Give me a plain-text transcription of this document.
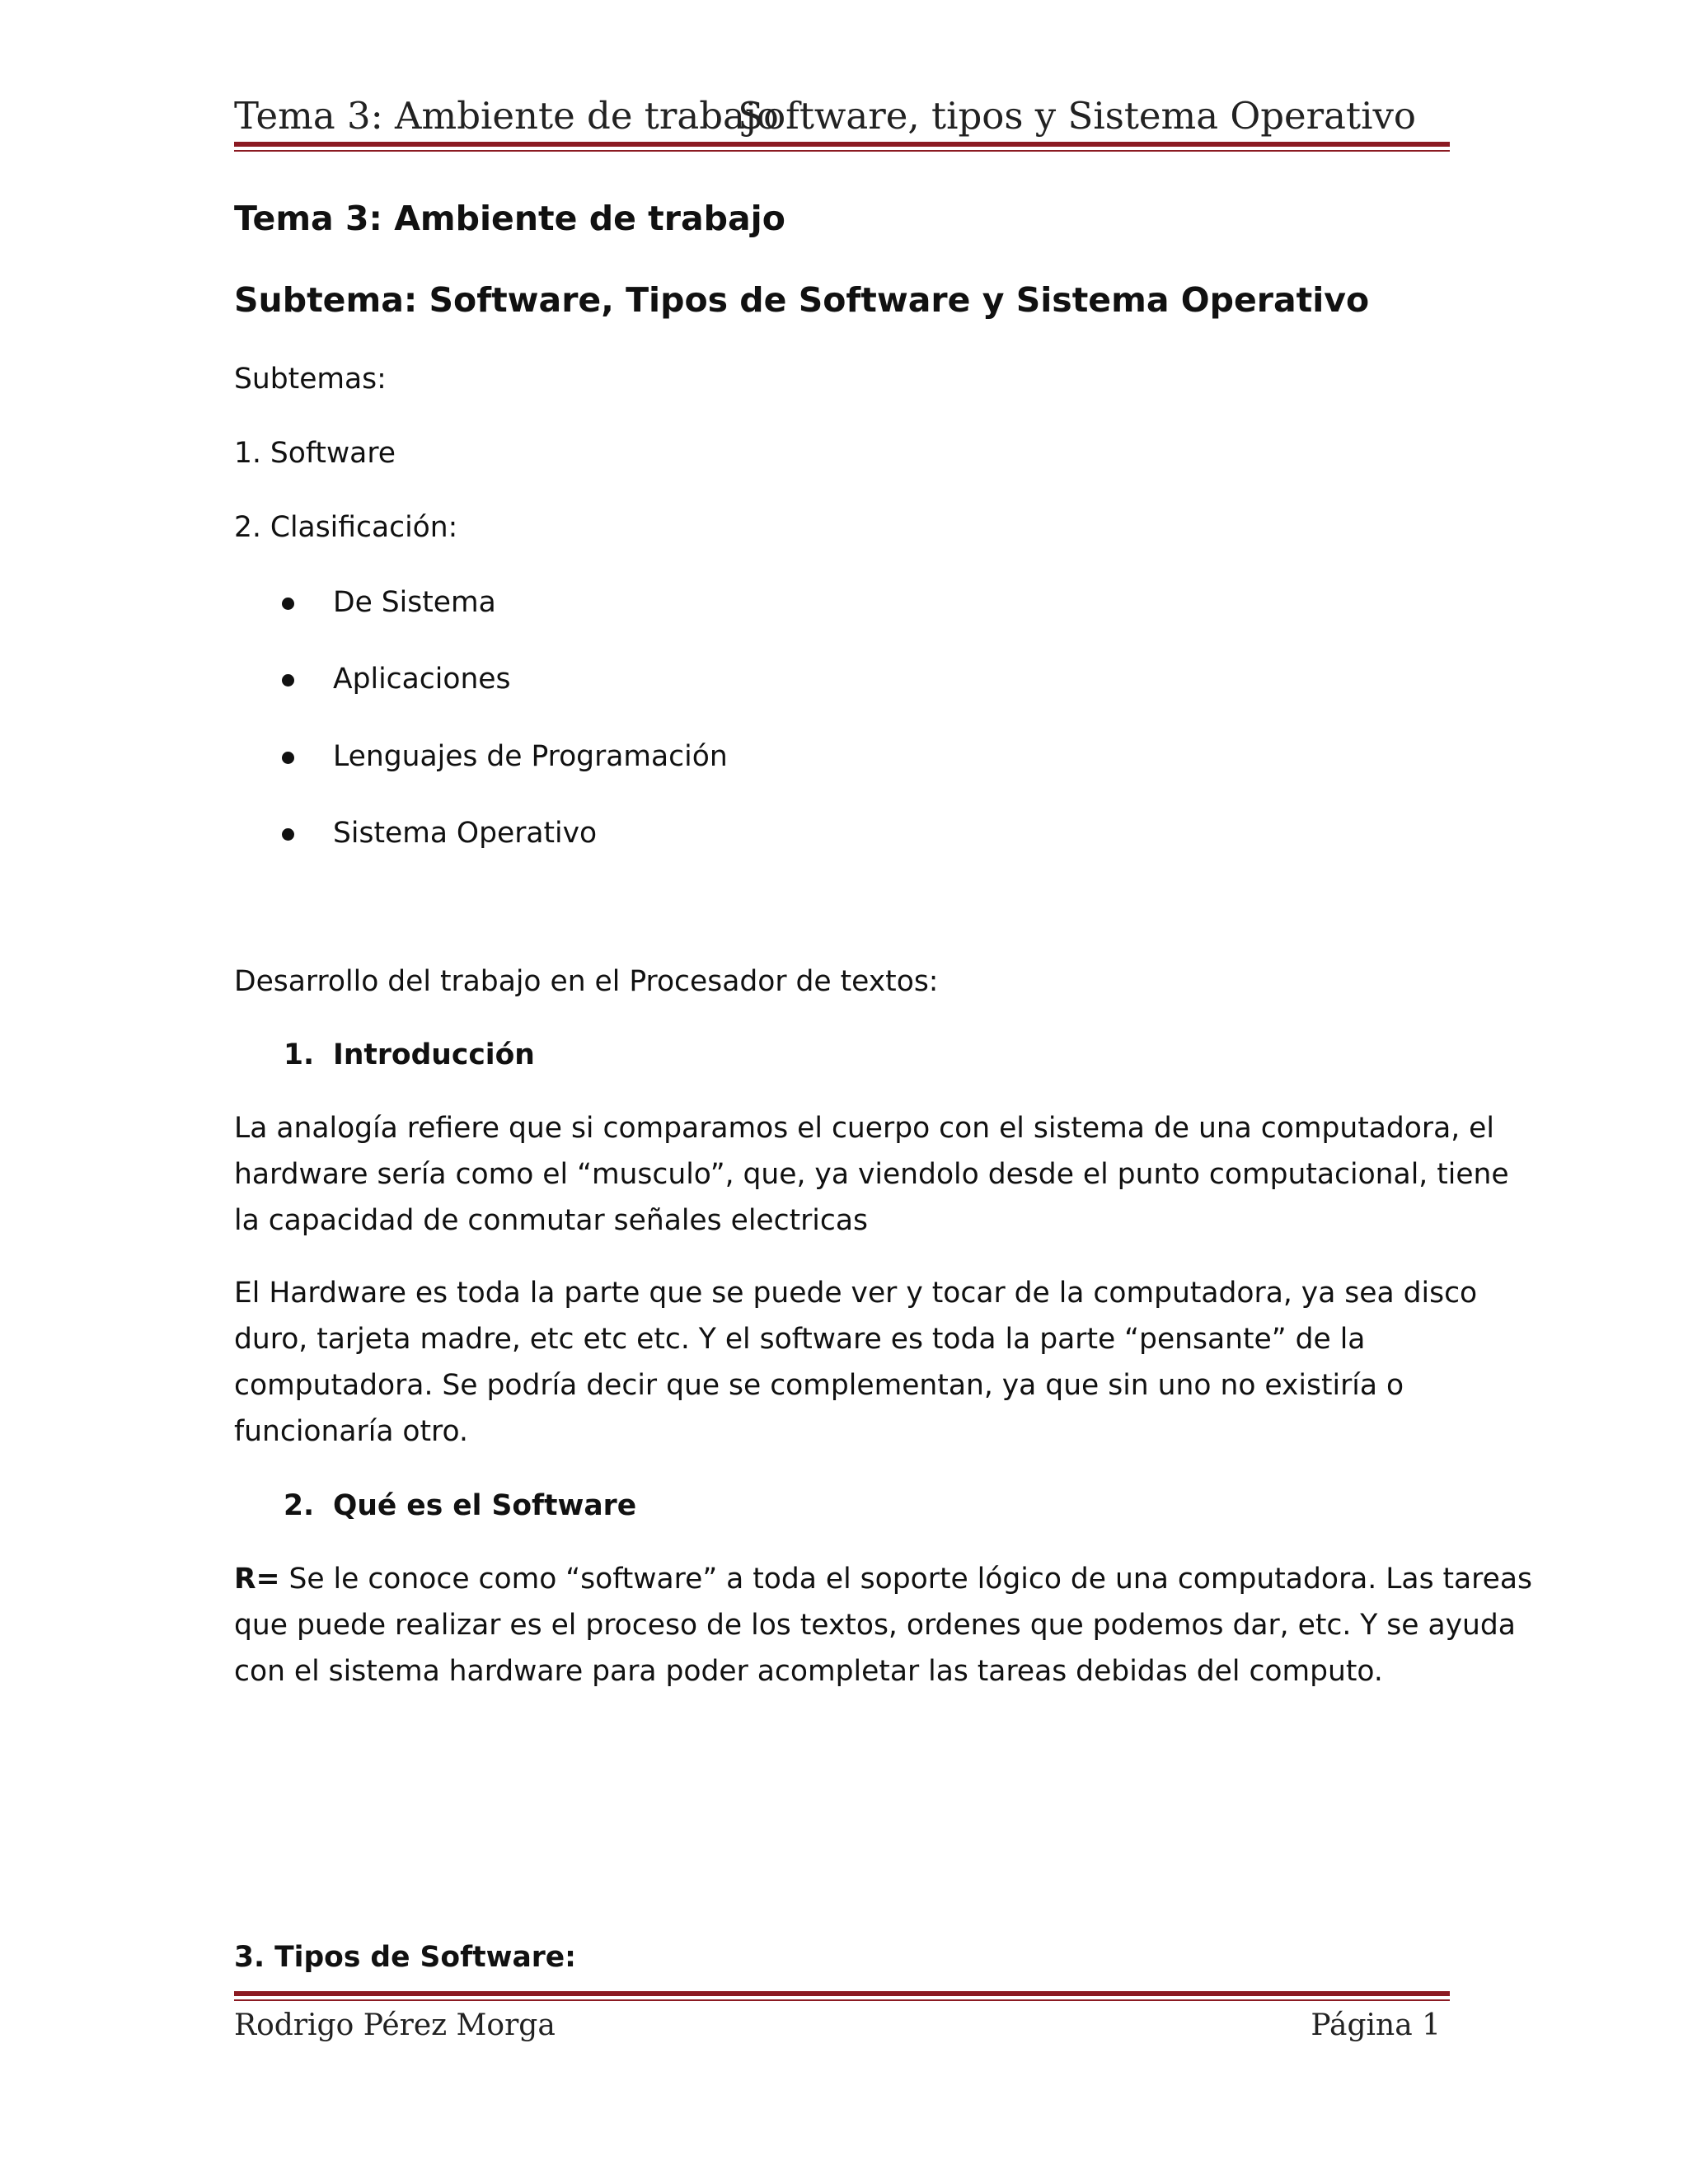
Tema 3: Ambiente de trabajo
Software, tipos y Sistema Operativo
Tema 3: Ambiente de trabajo
Subtema: Software, Tipos de Software y Sistema Operativo
Subtemas:
1. Software
2. Clasificación:
De Sistema
Aplicaciones
Lenguajes de Programación
Sistema Operativo
Desarrollo del trabajo en el Procesador de textos:
1. Introducción
La analogía refiere que si comparamos el cuerpo con el sistema de una computadora, el
hardware sería como el “musculo”, que, ya viendolo desde el punto computacional, tiene
la capacidad de conmutar señales electricas
El Hardware es toda la parte que se puede ver y tocar de la computadora, ya sea disco
duro, tarjeta madre, etc etc etc. Y el software es toda la parte “pensante” de la
computadora. Se podría decir que se complementan, ya que sin uno no existiría o
funcionaría otro.
2. Qué es el Software
R= Se le conoce como “software” a toda el soporte lógico de una computadora. Las tareas
que puede realizar es el proceso de los textos, ordenes que podemos dar, etc. Y se ayuda
con el sistema hardware para poder acompletar las tareas debidas del computo.
3. Tipos de Software:
Rodrigo Pérez Morga	Página 1
